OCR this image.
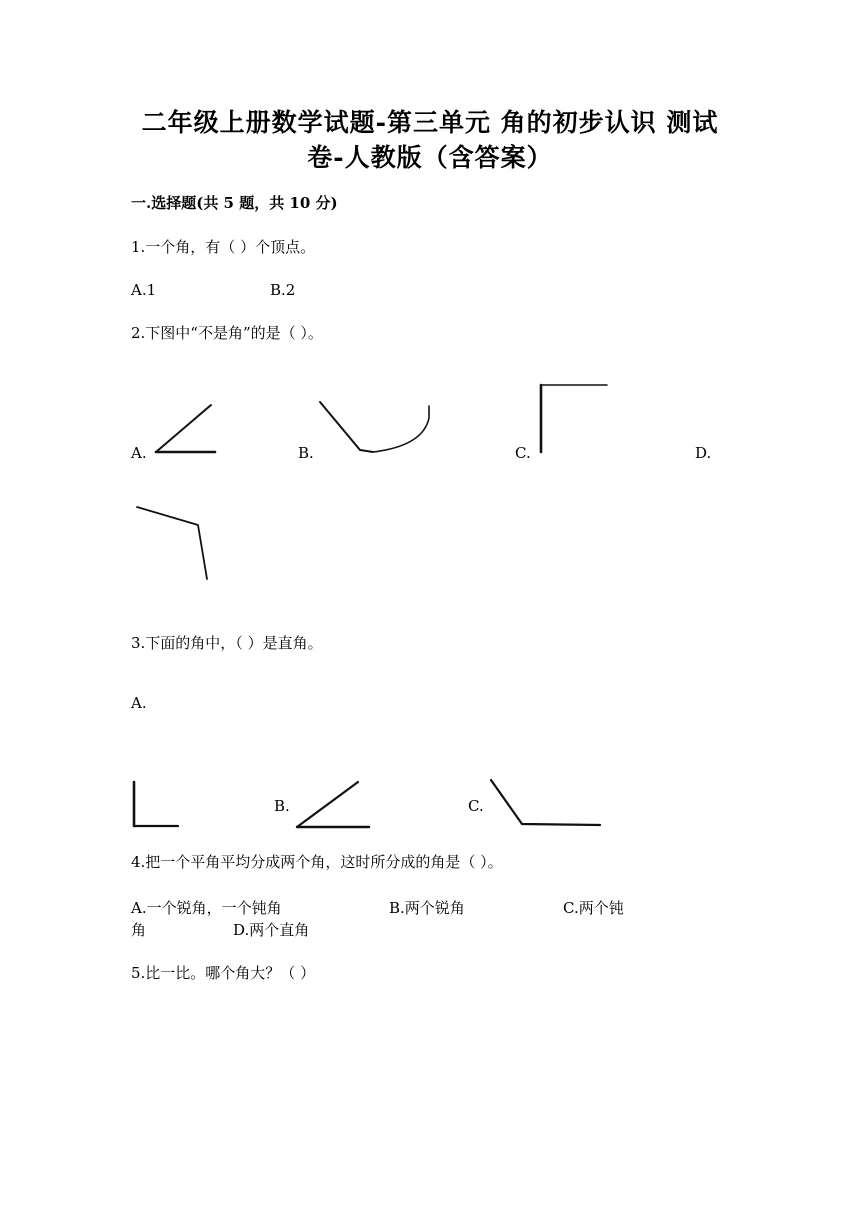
二年级上册数学试题-第三单元 角的初步认识 测试
卷-人教版（含答案）
一.选择题(共 5 题，共 10 分)
1.一个角，有（ ）个顶点。
A.1	B.2
2.下图中“不是角”的是（ ）。
A.	B.	C.	D.
3.下面的角中，（ ）是直角。
A.
B.	C.
4.把一个平角平均分成两个角，这时所分成的角是（ ）。
A.一个锐角，一个钝角	B.两个锐角	C.两个钝
角	D.两个直角
5.比一比。哪个角大？（ ）
